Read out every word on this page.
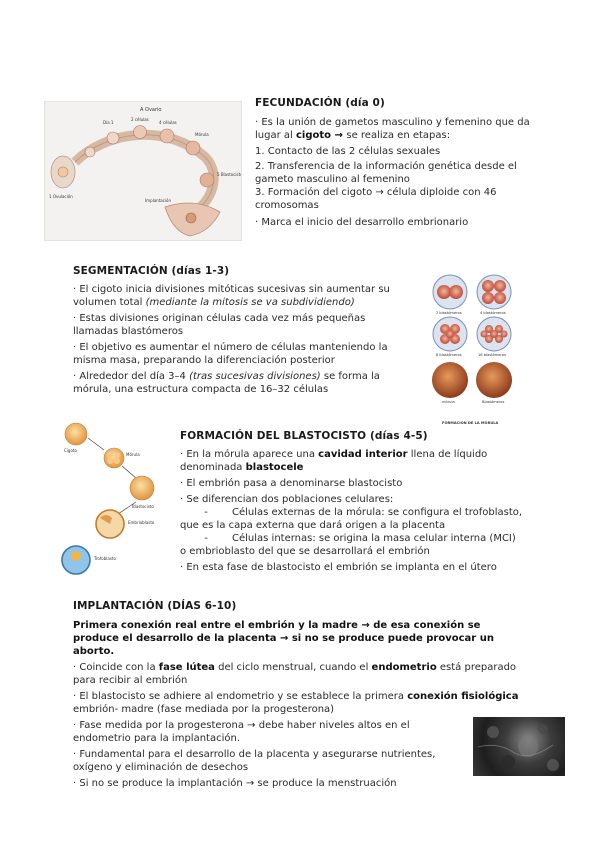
A Ovario
Día 1
2 células
4 células
Mórula
1 Ovulación
5 Blastocisto
Implantación
FECUNDACIÓN (día 0)
· Es la unión de gametos masculino y femenino que da lugar al cigoto → se realiza en etapas:
1. Contacto de las 2 células sexuales
2. Transferencia de la información genética desde el gameto masculino al femenino
3. Formación del cigoto → célula diploide con 46 cromosomas
· Marca el inicio del desarrollo embrionario
SEGMENTACIÓN (días 1-3)
· El cigoto inicia divisiones mitóticas sucesivas sin aumentar su volumen total (mediante la mitosis se va subdividiendo)
· Estas divisiones originan células cada vez más pequeñas llamadas blastómeros
· El objetivo es aumentar el número de células manteniendo la misma masa, preparando la diferenciación posterior
· Alrededor del día 3–4 (tras sucesivas divisiones) se forma la mórula, una estructura compacta de 16–32 células
2 blastómeros	4 blastómeros
8 blastómeros	16 blastómeros
mórula	Blastómeros
FORMACIÓN DE LA MÓRULA
Cigoto
Mórula
Blastocisto
Embrioblasto
Trofoblasto
FORMACIÓN DEL BLASTOCISTO (días 4-5)
· En la mórula aparece una cavidad interior llena de líquido denominada blastocele
· El embrión pasa a denominarse blastocisto
· Se diferencian dos poblaciones celulares:
- Células externas de la mórula: se configura el trofoblasto, que es la capa externa que dará origen a la placenta
- Células internas: se origina la masa celular interna (MCI) o embrioblasto del que se desarrollará el embrión
· En esta fase de blastocisto el embrión se implanta en el útero
IMPLANTACIÓN (DÍAS 6-10)
Primera conexión real entre el embrión y la madre → de esa conexión se produce el desarrollo de la placenta → si no se produce puede provocar un aborto.
· Coincide con la fase lútea del ciclo menstrual, cuando el endometrio está preparado para recibir al embrión
· El blastocisto se adhiere al endometrio y se establece la primera conexión fisiológica embrión- madre (fase mediada por la progesterona)
· Fase medida por la progesterona → debe haber niveles altos en el endometrio para la implantación.
· Fundamental para el desarrollo de la placenta y asegurarse nutrientes, oxígeno y eliminación de desechos
· Si no se produce la implantación → se produce la menstruación
